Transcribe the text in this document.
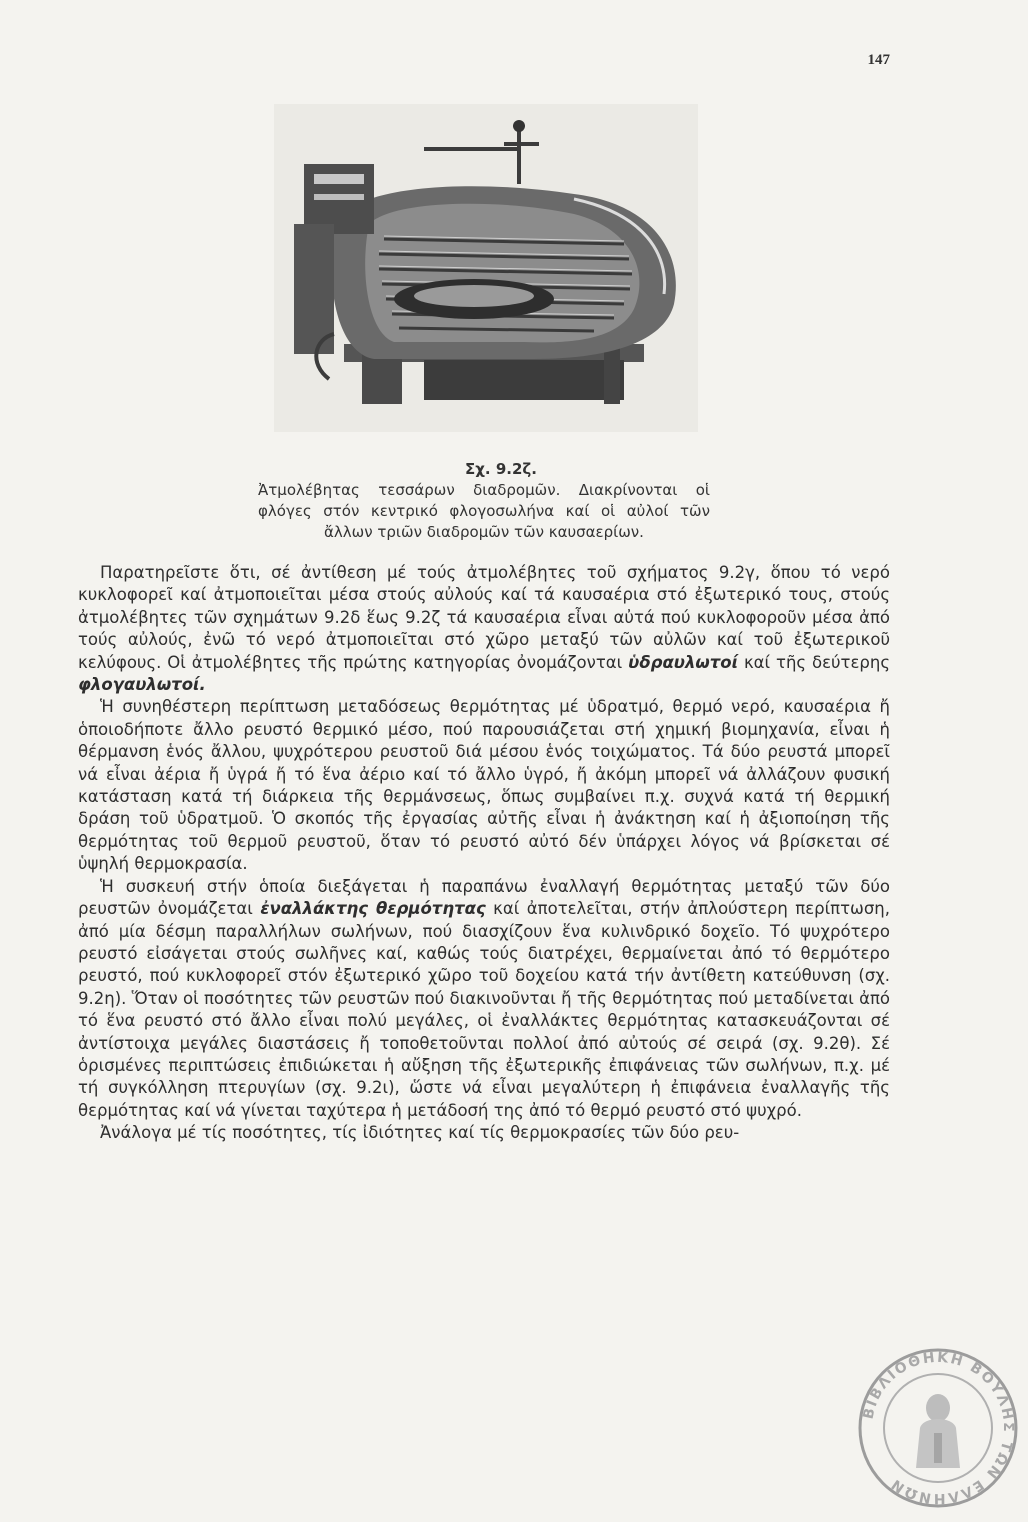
147
Σχ. 9.2ζ.
Ἀτμολέβητας τεσσάρων διαδρομῶν. Διακρίνονται οἱ φλόγες στόν κεντρικό φλογοσωλήνα καί οἱ αὐλοί τῶν ἄλλων τριῶν διαδρομῶν τῶν καυσαερίων.

Παρατηρεῖστε ὅτι, σέ ἀντίθεση μέ τούς ἀτμολέβητες τοῦ σχήματος 9.2γ, ὅπου τό νερό κυκλοφορεῖ καί ἀτμοποιεῖται μέσα στούς αὐλούς καί τά καυσαέρια στό ἐξωτερικό τους, στούς ἀτμολέβητες τῶν σχημάτων 9.2δ ἕως 9.2ζ τά καυσαέρια εἶναι αὐτά πού κυκλοφοροῦν μέσα ἀπό τούς αὐλούς, ἐνῶ τό νερό ἀτμοποιεῖται στό χῶρο μεταξύ τῶν αὐλῶν καί τοῦ ἐξωτερικοῦ κελύφους. Οἱ ἀτμολέβητες τῆς πρώτης κατηγορίας ὀνομάζονται ὑδραυλωτοί καί τῆς δεύτερης φλογαυλωτοί.

Ἡ συνηθέστερη περίπτωση μεταδόσεως θερμότητας μέ ὑδρατμό, θερμό νερό, καυσαέρια ἤ ὁποιοδήποτε ἄλλο ρευστό θερμικό μέσο, πού παρουσιάζεται στή χημική βιομηχανία, εἶναι ἡ θέρμανση ἑνός ἄλλου, ψυχρότερου ρευστοῦ διά μέσου ἑνός τοιχώματος. Τά δύο ρευστά μπορεῖ νά εἶναι ἀέρια ἤ ὑγρά ἤ τό ἕνα ἀέριο καί τό ἄλλο ὑγρό, ἤ ἀκόμη μπορεῖ νά ἀλλάζουν φυσική κατάσταση κατά τή διάρκεια τῆς θερμάνσεως, ὅπως συμβαίνει π.χ. συχνά κατά τή θερμική δράση τοῦ ὑδρατμοῦ. Ὁ σκοπός τῆς ἐργασίας αὐτῆς εἶναι ἡ ἀνάκτηση καί ἡ ἀξιοποίηση τῆς θερμότητας τοῦ θερμοῦ ρευστοῦ, ὅταν τό ρευστό αὐτό δέν ὑπάρχει λόγος νά βρίσκεται σέ ὑψηλή θερμοκρασία.

Ἡ συσκευή στήν ὁποία διεξάγεται ἡ παραπάνω ἐναλλαγή θερμότητας μεταξύ τῶν δύο ρευστῶν ὀνομάζεται ἐναλλάκτης θερμότητας καί ἀποτελεῖται, στήν ἀπλούστερη περίπτωση, ἀπό μία δέσμη παραλλήλων σωλήνων, πού διασχίζουν ἕνα κυλινδρικό δοχεῖο. Τό ψυχρότερο ρευστό εἰσάγεται στούς σωλῆνες καί, καθώς τούς διατρέχει, θερμαίνεται ἀπό τό θερμότερο ρευστό, πού κυκλοφορεῖ στόν ἐξωτερικό χῶρο τοῦ δοχείου κατά τήν ἀντίθετη κατεύθυνση (σχ. 9.2η). Ὅταν οἱ ποσότητες τῶν ρευστῶν πού διακινοῦνται ἤ τῆς θερμότητας πού μεταδίνεται ἀπό τό ἕνα ρευστό στό ἄλλο εἶναι πολύ μεγάλες, οἱ ἐναλλάκτες θερμότητας κατασκευάζονται σέ ἀντίστοιχα μεγάλες διαστάσεις ἤ τοποθετοῦνται πολλοί ἀπό αὐτούς σέ σειρά (σχ. 9.2θ). Σέ ὁρισμένες περιπτώσεις ἐπιδιώκεται ἡ αὔξηση τῆς ἐξωτερικῆς ἐπιφάνειας τῶν σωλήνων, π.χ. μέ τή συγκόλληση πτερυγίων (σχ. 9.2ι), ὥστε νά εἶναι μεγαλύτερη ἡ ἐπιφάνεια ἐναλλαγῆς τῆς θερμότητας καί νά γίνεται ταχύτερα ἡ μετάδοσή της ἀπό τό θερμό ρευστό στό ψυχρό.

Ἀνάλογα μέ τίς ποσότητες, τίς ἰδιότητες καί τίς θερμοκρασίες τῶν δύο ρευ-

ΒΙΒΛΙΟΘΗΚΗ ΒΟΥΛΗΣ ΤΩΝ ΕΛΛΗΝΩΝ
